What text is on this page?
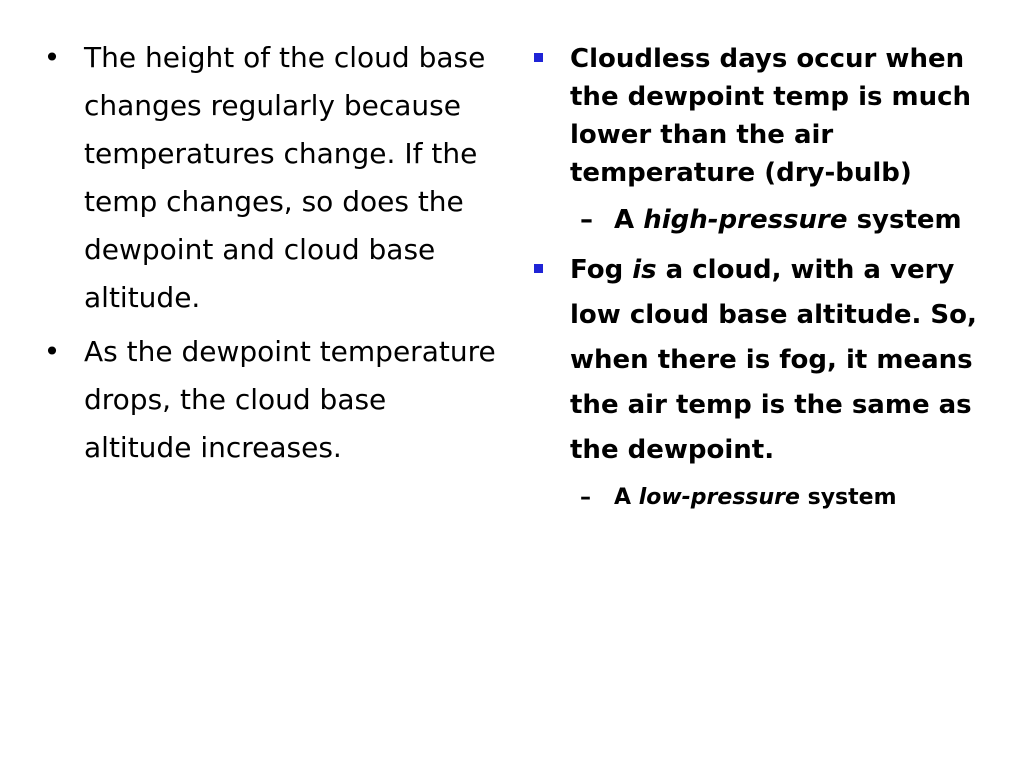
• The height of the cloud base changes regularly because temperatures change. If the temp changes, so does the dewpoint and cloud base altitude.
• As the dewpoint temperature drops, the cloud base altitude increases.
Cloudless days occur when the dewpoint temp is much lower than the air temperature (dry-bulb)
– A high-pressure system
Fog is a cloud, with a very low cloud base altitude. So, when there is fog, it means the air temp is the same as the dewpoint.
– A low-pressure system
